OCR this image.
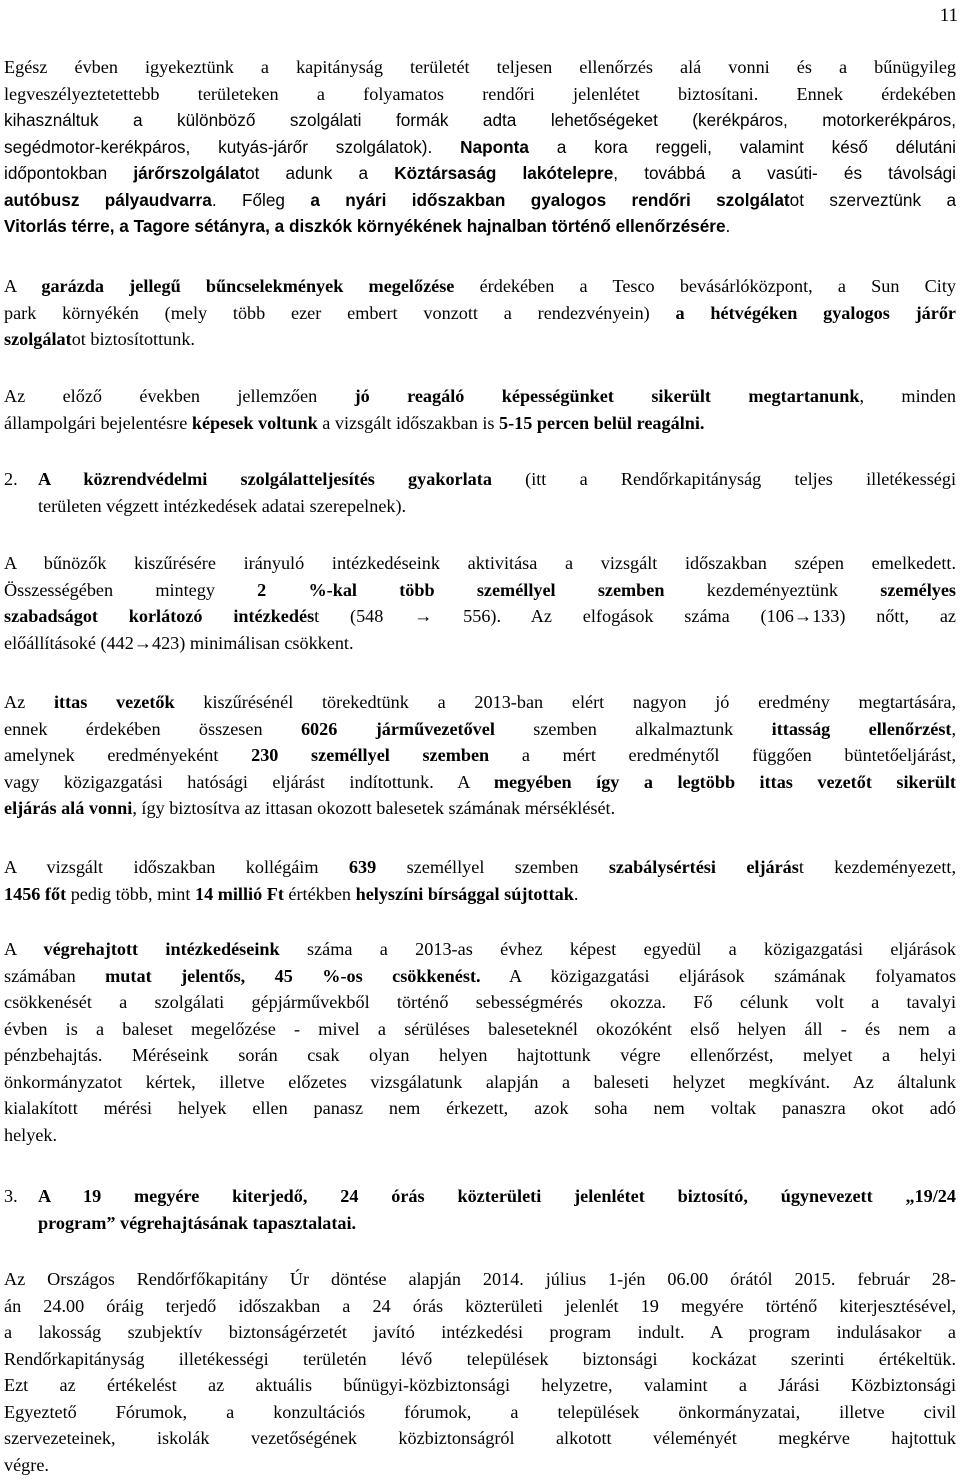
11
Egész évben igyekeztünk a kapitányság területét teljesen ellenőrzés alá vonni és a bűnügyileg
legveszélyeztetettebb területeken a folyamatos rendőri jelenlétet biztosítani. Ennek érdekében
kihasználtuk a különböző szolgálati formák adta lehetőségeket (kerékpáros, motorkerékpáros,
segédmotor-kerékpáros, kutyás-járőr szolgálatok). Naponta a kora reggeli, valamint késő délutáni
időpontokban járőrszolgálatot adunk a Köztársaság lakótelepre, továbbá a vasúti- és távolsági
autóbusz pályaudvarra. Főleg a nyári időszakban gyalogos rendőri szolgálatot szerveztünk a
Vitorlás térre, a Tagore sétányra, a diszkók környékének hajnalban történő ellenőrzésére.
A garázda jellegű bűncselekmények megelőzése érdekében a Tesco bevásárlóközpont, a Sun City
park környékén (mely több ezer embert vonzott a rendezvényein) a hétvégéken gyalogos járőr
szolgálatot biztosítottunk.
Az előző években jellemzően jó reagáló képességünket sikerült megtartanunk, minden
állampolgári bejelentésre képesek voltunk a vizsgált időszakban is 5-15 percen belül reagálni.
2. A közrendvédelmi szolgálatteljesítés gyakorlata (itt a Rendőrkapitányság teljes illetékességi
területen végzett intézkedések adatai szerepelnek).
A bűnözők kiszűrésére irányuló intézkedéseink aktivitása a vizsgált időszakban szépen emelkedett.
Összességében mintegy 2 %-kal több személlyel szemben kezdeményeztünk személyes
szabadságot korlátozó intézkedést (548 → 556). Az elfogások száma (106→133) nőtt, az
előállításoké (442→423) minimálisan csökkent.
Az ittas vezetők kiszűrésénél törekedtünk a 2013-ban elért nagyon jó eredmény megtartására,
ennek érdekében összesen 6026 járművezetővel szemben alkalmaztunk ittasság ellenőrzést,
amelynek eredményeként 230 személlyel szemben a mért eredménytől függően büntetőeljárást,
vagy közigazgatási hatósági eljárást indítottunk. A megyében így a legtöbb ittas vezetőt sikerült
eljárás alá vonni, így biztosítva az ittasan okozott balesetek számának mérséklését.
A vizsgált időszakban kollégáim 639 személlyel szemben szabálysértési eljárást kezdeményezett,
1456 főt pedig több, mint 14 millió Ft értékben helyszíni bírsággal sújtottak.
A végrehajtott intézkedéseink száma a 2013-as évhez képest egyedül a közigazgatási eljárások
számában mutat jelentős, 45 %-os csökkenést. A közigazgatási eljárások számának folyamatos
csökkenését a szolgálati gépjárművekből történő sebességmérés okozza. Fő célunk volt a tavalyi
évben is a baleset megelőzése - mivel a sérüléses baleseteknél okozóként első helyen áll - és nem a
pénzbehajtás. Méréseink során csak olyan helyen hajtottunk végre ellenőrzést, melyet a helyi
önkormányzatot kértek, illetve előzetes vizsgálatunk alapján a baleseti helyzet megkívánt. Az általunk
kialakított mérési helyek ellen panasz nem érkezett, azok soha nem voltak panaszra okot adó
helyek.
3. A 19 megyére kiterjedő, 24 órás közterületi jelenlétet biztosító, úgynevezett „19/24
program” végrehajtásának tapasztalatai.
Az Országos Rendőrfőkapitány Úr döntése alapján 2014. július 1-jén 06.00 órától 2015. február 28-
án 24.00 óráig terjedő időszakban a 24 órás közterületi jelenlét 19 megyére történő kiterjesztésével,
a lakosság szubjektív biztonságérzetét javító intézkedési program indult. A program indulásakor a
Rendőrkapitányság illetékességi területén lévő települések biztonsági kockázat szerinti értékeltük.
Ezt az értékelést az aktuális bűnügyi-közbiztonsági helyzetre, valamint a Járási Közbiztonsági
Egyeztető Fórumok, a konzultációs fórumok, a települések önkormányzatai, illetve civil
szervezeteinek, iskolák vezetőségének közbiztonságról alkotott véleményét megkérve hajtottuk
végre.
